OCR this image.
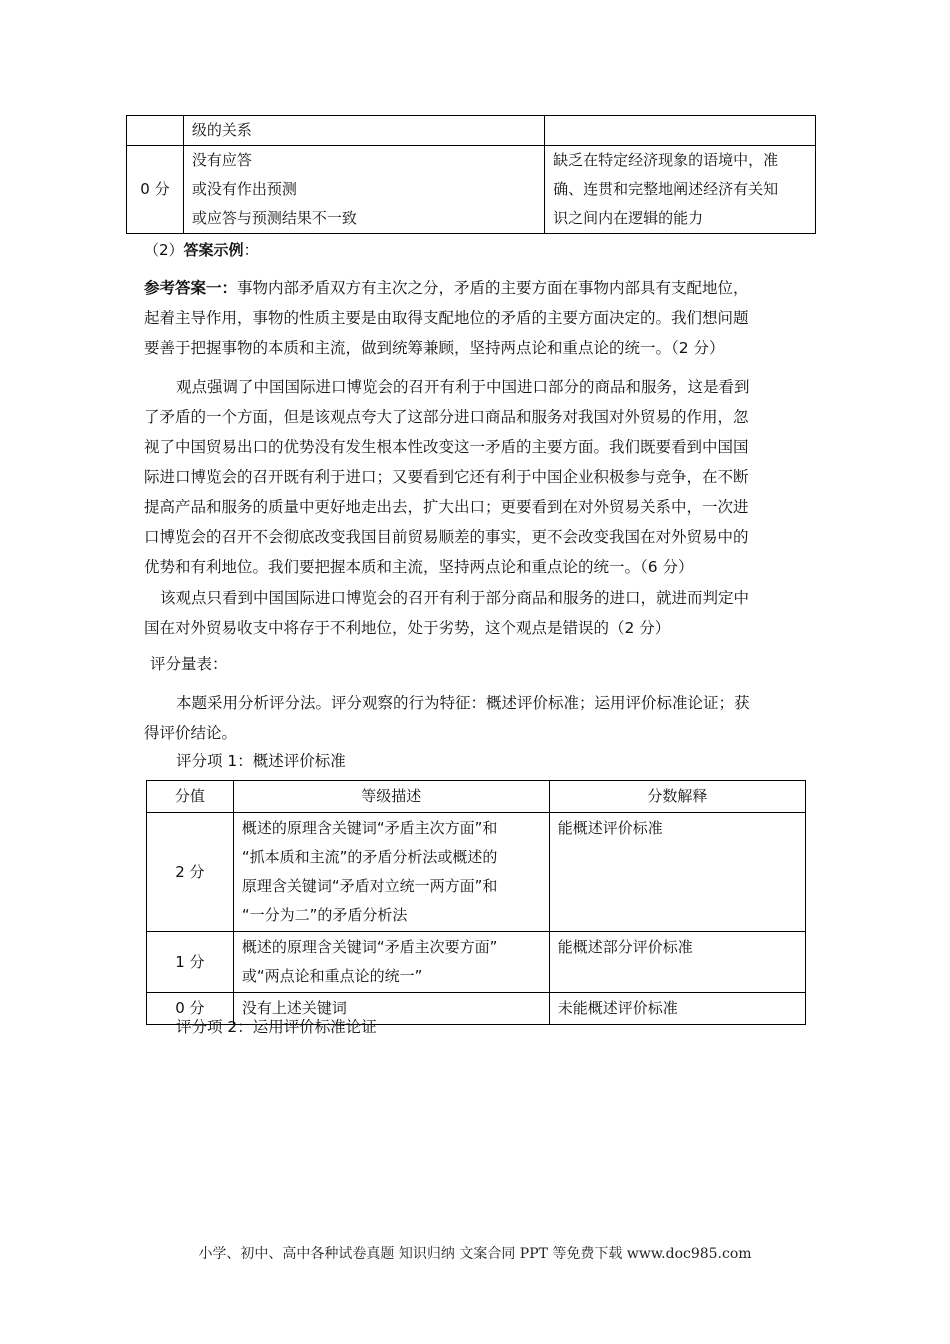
	级的关系	

0 分	没有应答
或没有作出预测
或应答与预测结果不一致	缺乏在特定经济现象的语境中，准
确、连贯和完整地阐述经济有关知
识之间内在逻辑的能力
（2）答案示例：
参考答案一：事物内部矛盾双方有主次之分，矛盾的主要方面在事物内部具有支配地位，
起着主导作用，事物的性质主要是由取得支配地位的矛盾的主要方面决定的。我们想问题
要善于把握事物的本质和主流，做到统筹兼顾，坚持两点论和重点论的统一。（2 分）
观点强调了中国国际进口博览会的召开有利于中国进口部分的商品和服务，这是看到
了矛盾的一个方面，但是该观点夸大了这部分进口商品和服务对我国对外贸易的作用，忽
视了中国贸易出口的优势没有发生根本性改变这一矛盾的主要方面。我们既要看到中国国
际进口博览会的召开既有利于进口；又要看到它还有利于中国企业积极参与竞争，在不断
提高产品和服务的质量中更好地走出去，扩大出口；更要看到在对外贸易关系中，一次进
口博览会的召开不会彻底改变我国目前贸易顺差的事实，更不会改变我国在对外贸易中的
优势和有利地位。我们要把握本质和主流，坚持两点论和重点论的统一。（6 分）
该观点只看到中国国际进口博览会的召开有利于部分商品和服务的进口，就进而判定中
国在对外贸易收支中将存于不利地位，处于劣势，这个观点是错误的（2 分）
评分量表：
本题采用分析评分法。评分观察的行为特征：概述评价标准；运用评价标准论证；获
得评价结论。
评分项 1：概述评价标准
分值	等级描述	分数解释
2 分	概述的原理含关键词“矛盾主次方面”和
“抓本质和主流”的矛盾分析法或概述的
原理含关键词“矛盾对立统一两方面”和
“一分为二”的矛盾分析法	能概述评价标准
1 分	概述的原理含关键词“矛盾主次要方面”
或“两点论和重点论的统一”	能概述部分评价标准
0 分	没有上述关键词	未能概述评价标准
评分项 2：运用评价标准论证
小学、初中、高中各种试卷真题 知识归纳 文案合同 PPT 等免费下载 www.doc985.com
